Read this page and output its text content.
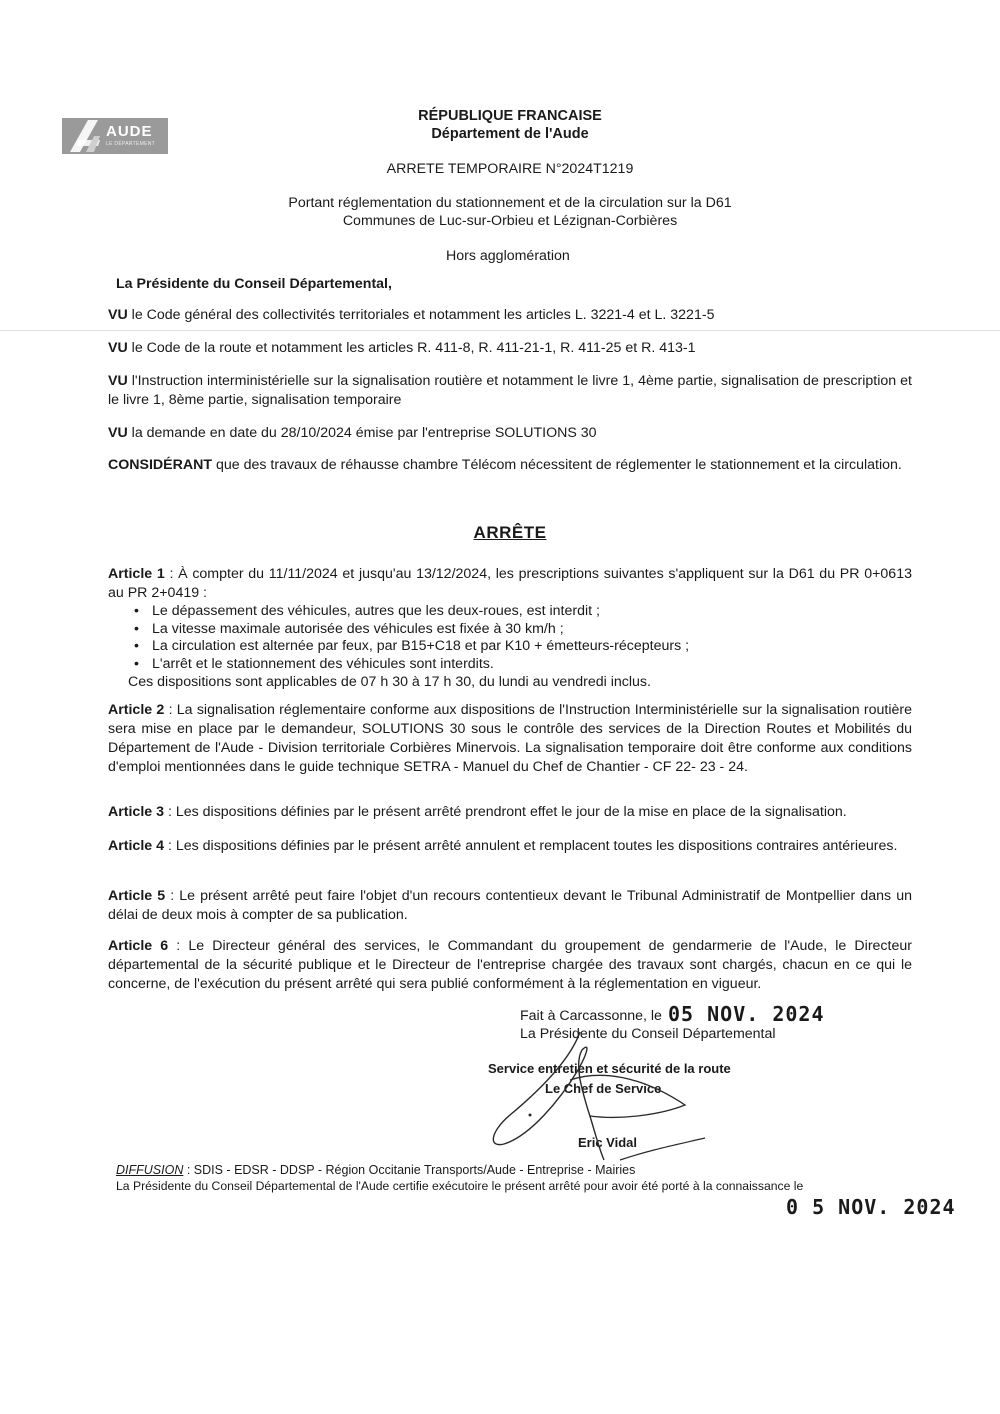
AUDE
LE DÉPARTEMENT
RÉPUBLIQUE FRANCAISE
Département de l'Aude
ARRETE TEMPORAIRE N°2024T1219
Portant réglementation du stationnement et de la circulation sur la D61
Communes de Luc-sur-Orbieu et Lézignan-Corbières
Hors agglomération
La Présidente du Conseil Départemental,
VU le Code général des collectivités territoriales et notamment les articles L. 3221-4 et L. 3221-5
VU le Code de la route et notamment les articles R. 411-8, R. 411-21-1, R. 411-25 et R. 413-1
VU l'Instruction interministérielle sur la signalisation routière et notamment le livre 1, 4ème partie, signalisation de prescription et le livre 1, 8ème partie, signalisation temporaire
VU la demande en date du 28/10/2024 émise par l'entreprise SOLUTIONS 30
CONSIDÉRANT que des travaux de réhausse chambre Télécom nécessitent de réglementer le stationnement et la circulation.
ARRÊTE
Article 1 : À compter du 11/11/2024 et jusqu'au 13/12/2024, les prescriptions suivantes s'appliquent sur la D61 du PR 0+0613 au PR 2+0419 :
• Le dépassement des véhicules, autres que les deux-roues, est interdit ;
• La vitesse maximale autorisée des véhicules est fixée à 30 km/h ;
• La circulation est alternée par feux, par B15+C18 et par K10 + émetteurs-récepteurs ;
• L'arrêt et le stationnement des véhicules sont interdits.
Ces dispositions sont applicables de 07 h 30 à 17 h 30, du lundi au vendredi inclus.
Article 2 : La signalisation réglementaire conforme aux dispositions de l'Instruction Interministérielle sur la signalisation routière sera mise en place par le demandeur, SOLUTIONS 30 sous le contrôle des services de la Direction Routes et Mobilités du Département de l'Aude - Division territoriale Corbières Minervois. La signalisation temporaire doit être conforme aux conditions d'emploi mentionnées dans le guide technique SETRA - Manuel du Chef de Chantier - CF 22- 23 - 24.
Article 3 : Les dispositions définies par le présent arrêté prendront effet le jour de la mise en place de la signalisation.
Article 4 : Les dispositions définies par le présent arrêté annulent et remplacent toutes les dispositions contraires antérieures.
Article 5 : Le présent arrêté peut faire l'objet d'un recours contentieux devant le Tribunal Administratif de Montpellier dans un délai de deux mois à compter de sa publication.
Article 6 : Le Directeur général des services, le Commandant du groupement de gendarmerie de l'Aude, le Directeur départemental de la sécurité publique et le Directeur de l'entreprise chargée des travaux sont chargés, chacun en ce qui le concerne, de l'exécution du présent arrêté qui sera publié conformément à la réglementation en vigueur.
Fait à Carcassonne, le 05 NOV. 2024
La Présidente du Conseil Départemental
Service entretien et sécurité de la route
Le Chef de Service
Eric Vidal
DIFFUSION : SDIS - EDSR - DDSP - Région Occitanie Transports/Aude - Entreprise - Mairies
La Présidente du Conseil Départemental de l'Aude certifie exécutoire le présent arrêté pour avoir été porté à la connaissance le
0 5 NOV. 2024
